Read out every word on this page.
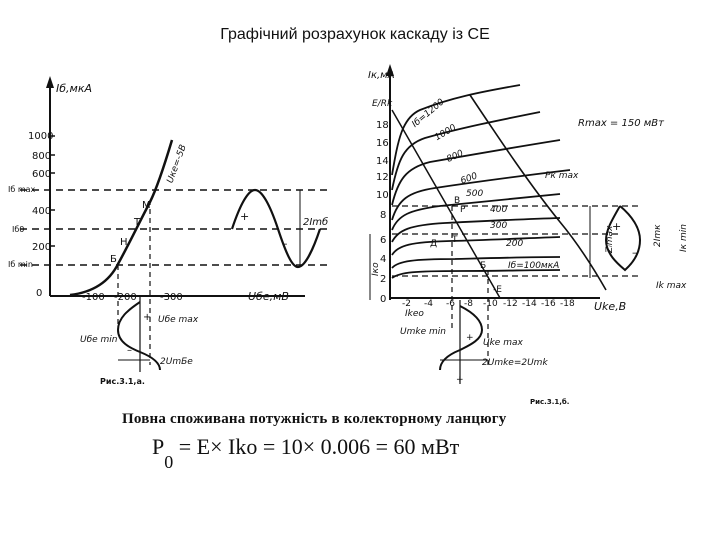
Графічний розрахунок каскаду із CE
Iб,мкА
1000
800
600
400
200
0
Iб max
Iб0
Iб min
Uкe=-5В
Б
Н
Т
М
-100 -200 -300	Uбе,мВ
+
–
2Imб
+
–
Uбе max
Uбе min
2UmБе
Рис.3.1,а.
Iк,мА
E/Rk
18
16
14
12
10
8
6
4
2
0 -2 -4 -6 -8 -10 -12 -14 -16 -18 Uke,B
Iб=1200
1000
800
600
500
400
300
200
Iб=100мкА
Pк max
Rmax = 150 мВт
В
Р
Д Т
Б
-Е
+
–
2Imк Iк min
Ik max
Zᵢmax
Iко
+
+
Uke max
Umke min
Ikeo
2Umke=2Umk
Рис.3.1,б.
Повна споживана потужність в колекторному ланцюгу
$P_0 = E\times$ Iko = 10× 0.006 = 60 мВт
